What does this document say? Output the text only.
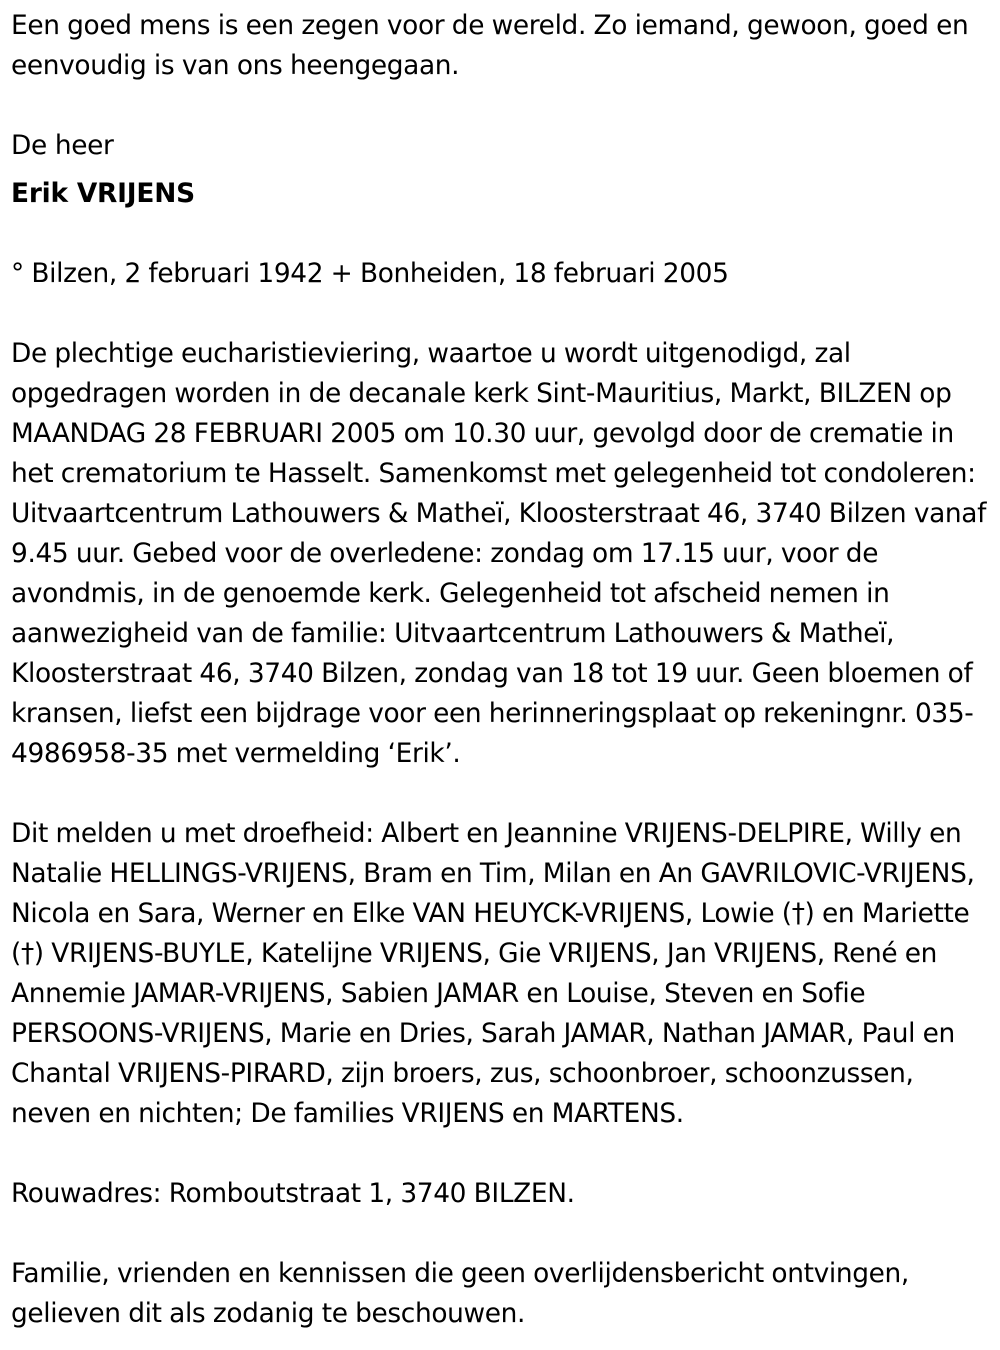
Een goed mens is een zegen voor de wereld. Zo iemand, gewoon, goed en eenvoudig is van ons heengegaan.

De heer

Erik VRIJENS

° Bilzen, 2 februari 1942 + Bonheiden, 18 februari 2005

De plechtige eucharistieviering, waartoe u wordt uitgenodigd, zal opgedragen worden in de decanale kerk Sint-Mauritius, Markt, BILZEN op MAANDAG 28 FEBRUARI 2005 om 10.30 uur, gevolgd door de crematie in het crematorium te Hasselt. Samenkomst met gelegenheid tot condoleren: Uitvaartcentrum Lathouwers & Matheï, Kloosterstraat 46, 3740 Bilzen vanaf 9.45 uur. Gebed voor de overledene: zondag om 17.15 uur, voor de avondmis, in de genoemde kerk. Gelegenheid tot afscheid nemen in aanwezigheid van de familie: Uitvaartcentrum Lathouwers & Matheï, Kloosterstraat 46, 3740 Bilzen, zondag van 18 tot 19 uur. Geen bloemen of kransen, liefst een bijdrage voor een herinneringsplaat op rekeningnr. 035-4986958-35 met vermelding ‘Erik’.

Dit melden u met droefheid: Albert en Jeannine VRIJENS-DELPIRE, Willy en Natalie HELLINGS-VRIJENS, Bram en Tim, Milan en An GAVRILOVIC-VRIJENS, Nicola en Sara, Werner en Elke VAN HEUYCK-VRIJENS, Lowie (†) en Mariette (†) VRIJENS-BUYLE, Katelijne VRIJENS, Gie VRIJENS, Jan VRIJENS, René en Annemie JAMAR-VRIJENS, Sabien JAMAR en Louise, Steven en Sofie PERSOONS-VRIJENS, Marie en Dries, Sarah JAMAR, Nathan JAMAR, Paul en Chantal VRIJENS-PIRARD, zijn broers, zus, schoonbroer, schoonzussen, neven en nichten; De families VRIJENS en MARTENS.

Rouwadres: Romboutstraat 1, 3740 BILZEN.

Familie, vrienden en kennissen die geen overlijdensbericht ontvingen, gelieven dit als zodanig te beschouwen.
